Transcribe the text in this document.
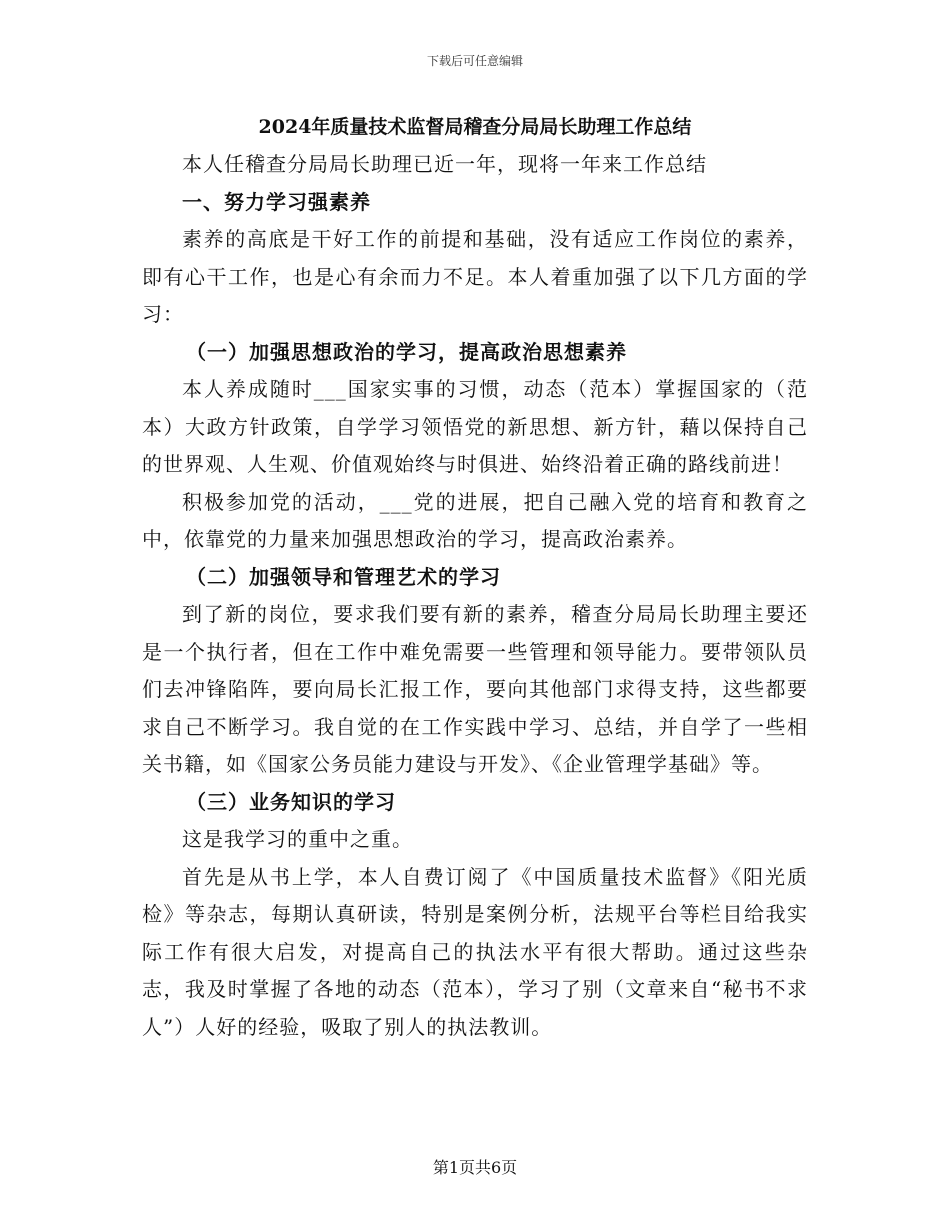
下载后可任意编辑
2024年质量技术监督局稽查分局局长助理工作总结

本人任稽查分局局长助理已近一年，现将一年来工作总结

一、努力学习强素养

素养的高底是干好工作的前提和基础，没有适应工作岗位的素养，即有心干工作，也是心有余而力不足。本人着重加强了以下几方面的学习：

（一）加强思想政治的学习，提高政治思想素养

本人养成随时___国家实事的习惯，动态（范本）掌握国家的（范本）大政方针政策，自学学习领悟党的新思想、新方针，藉以保持自己的世界观、人生观、价值观始终与时俱进、始终沿着正确的路线前进！

积极参加党的活动，___党的进展，把自己融入党的培育和教育之中，依靠党的力量来加强思想政治的学习，提高政治素养。

（二）加强领导和管理艺术的学习

到了新的岗位，要求我们要有新的素养，稽查分局局长助理主要还是一个执行者，但在工作中难免需要一些管理和领导能力。要带领队员们去冲锋陷阵，要向局长汇报工作，要向其他部门求得支持，这些都要求自己不断学习。我自觉的在工作实践中学习、总结，并自学了一些相关书籍，如《国家公务员能力建设与开发》、《企业管理学基础》等。

（三）业务知识的学习

这是我学习的重中之重。

首先是从书上学，本人自费订阅了《中国质量技术监督》《阳光质检》等杂志，每期认真研读，特别是案例分析，法规平台等栏目给我实际工作有很大启发，对提高自己的执法水平有很大帮助。通过这些杂志，我及时掌握了各地的动态（范本），学习了别（文章来自“秘书不求人”）人好的经验，吸取了别人的执法教训。

第1页共6页
